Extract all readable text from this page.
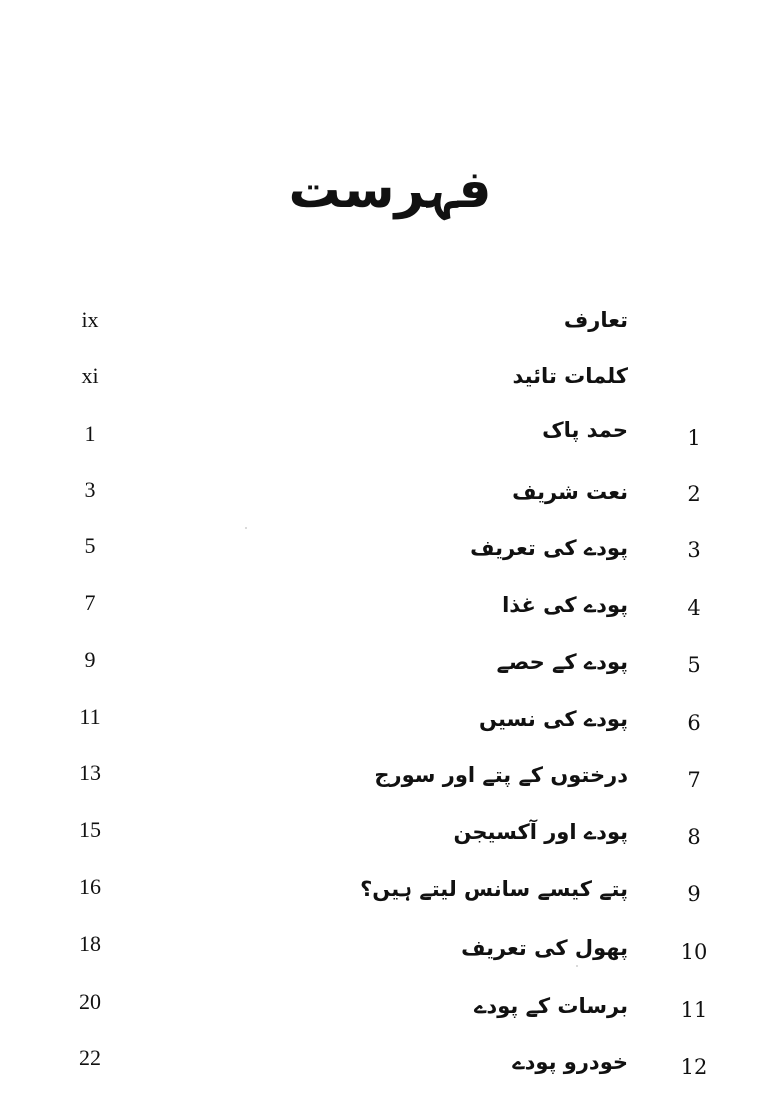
فہرست
ix	تعارف
xi	کلمات تائید
1	حمد پاک	1
3	نعت شریف	2
5	پودے کی تعریف	3
7	پودے کی غذا	4
9	پودے کے حصے	5
11	پودے کی نسیں	6
13	درختوں کے پتے اور سورج	7
15	پودے اور آکسیجن	8
16	پتے کیسے سانس لیتے ہیں؟	9
18	پھول کی تعریف	10
20	برسات کے پودے	11
22	خودرو پودے	12
